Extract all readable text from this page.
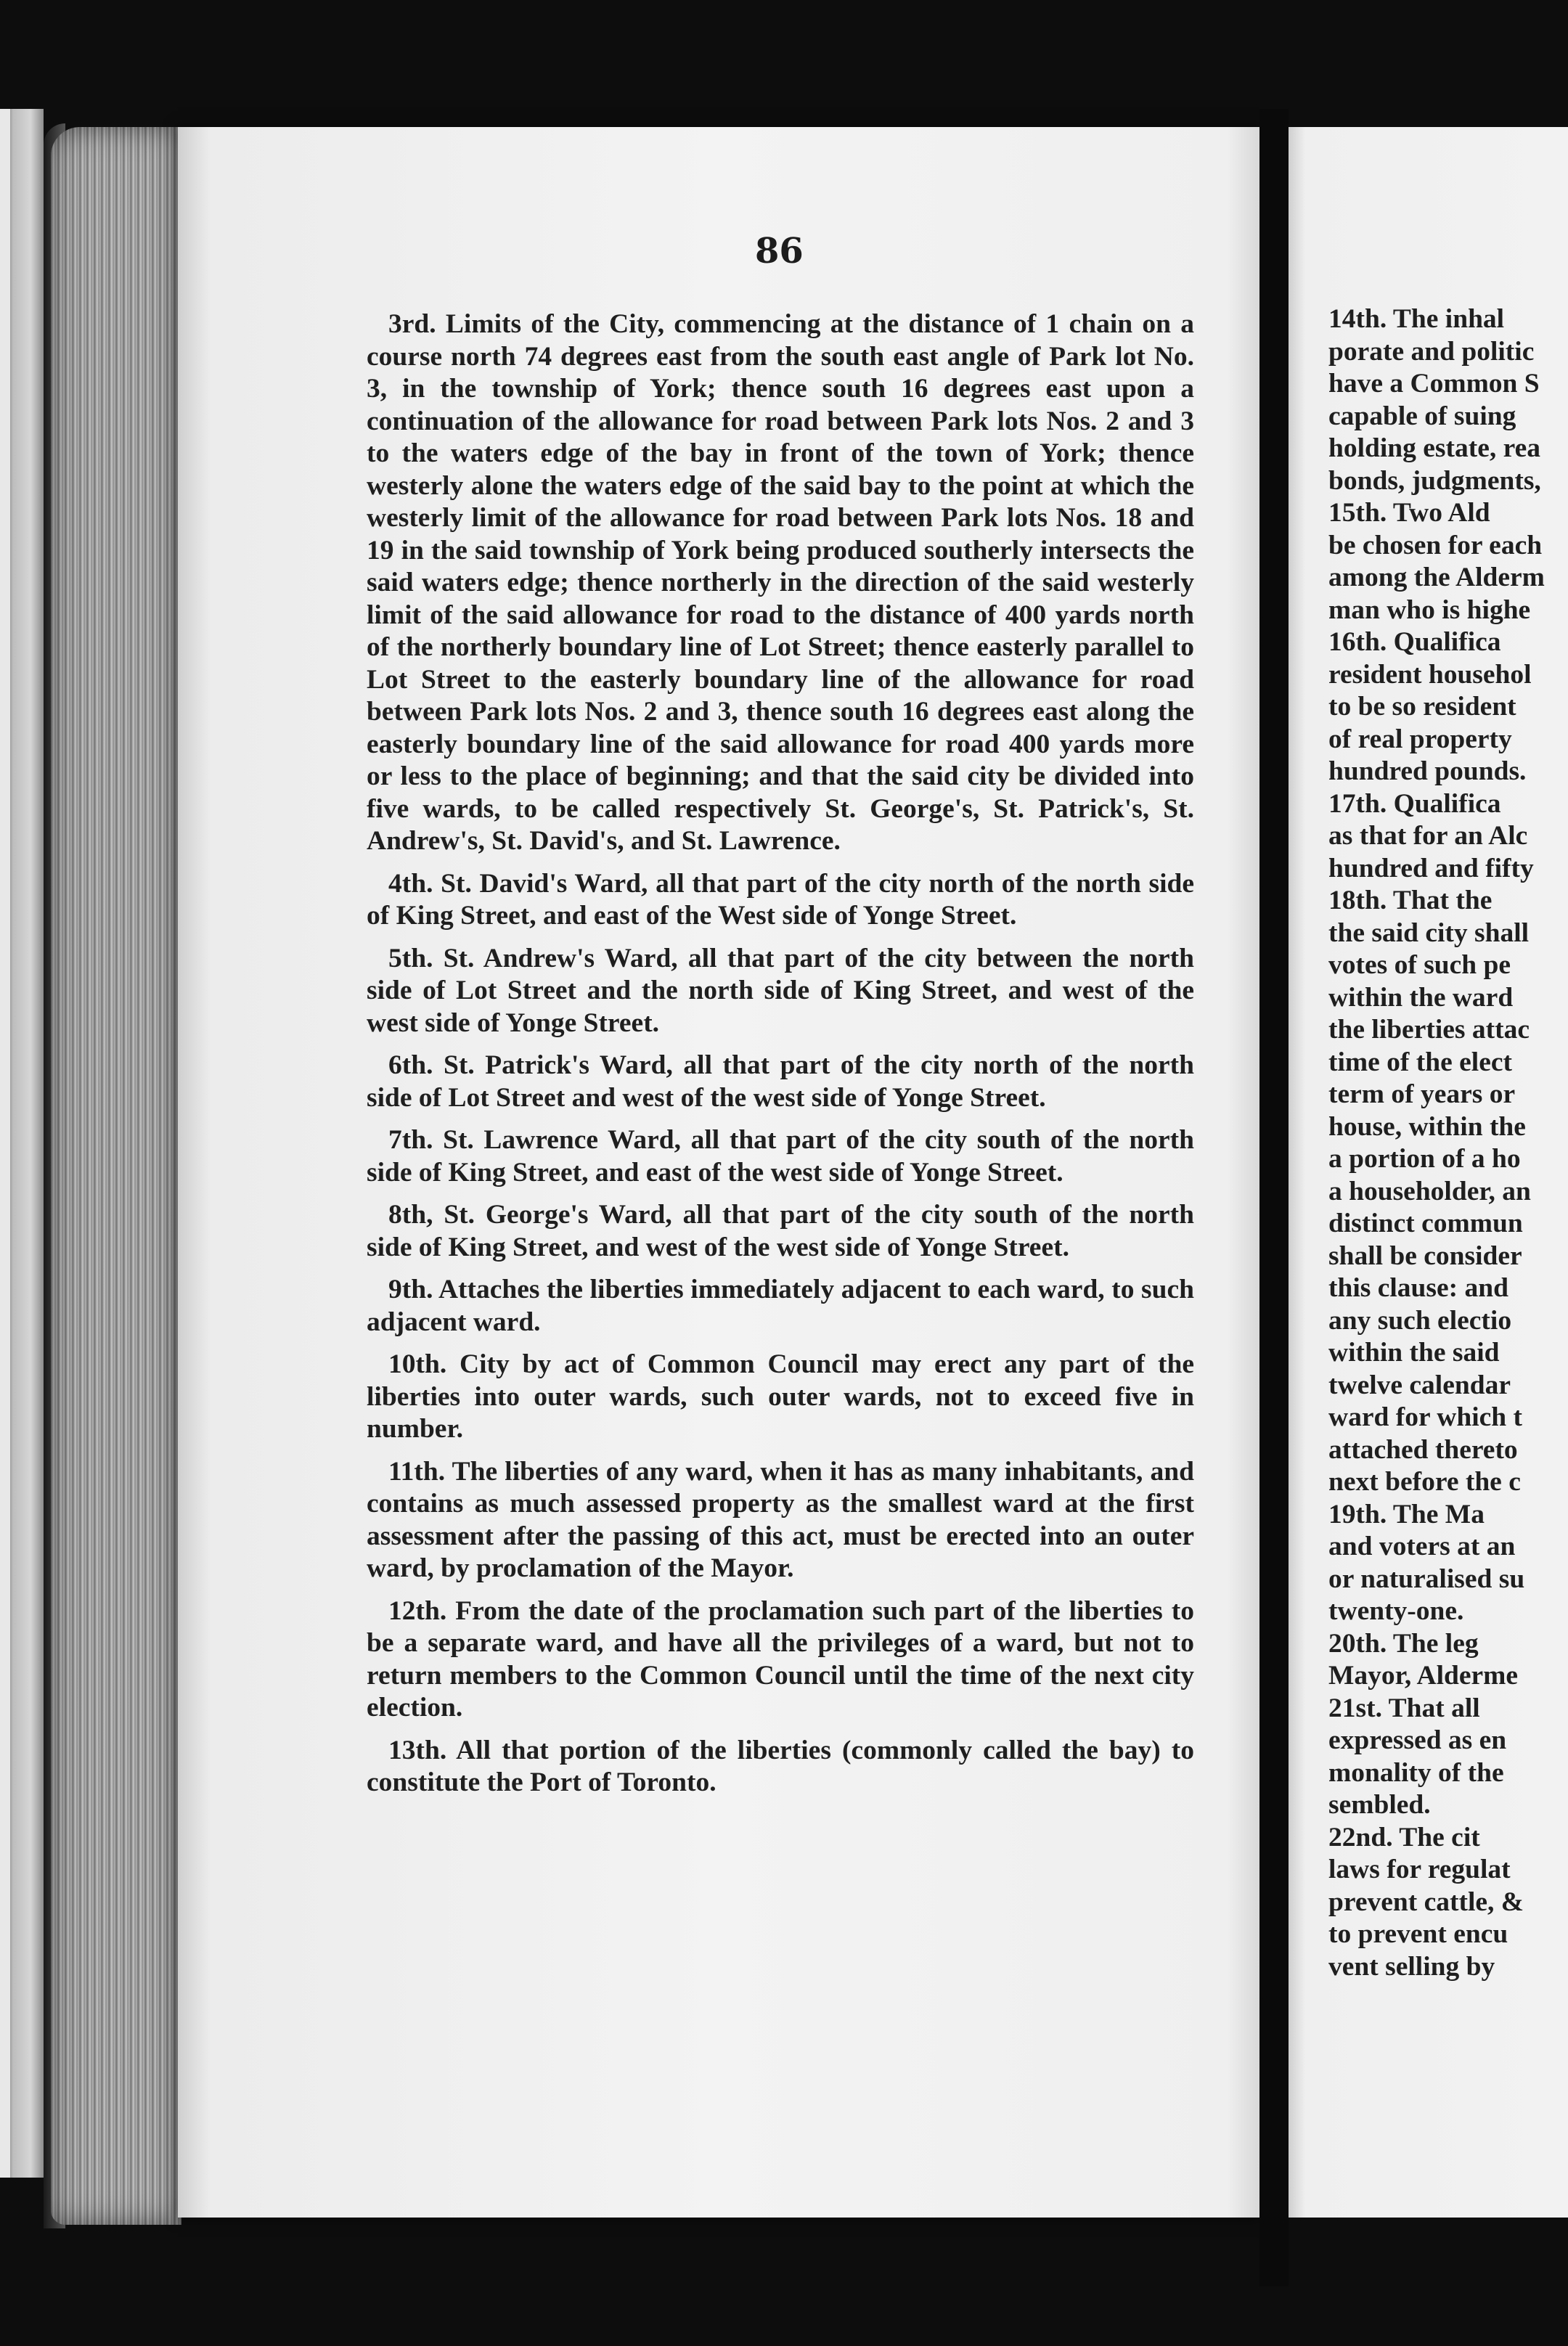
86

3rd. Limits of the City, commencing at the distance of 1 chain on a course north 74 degrees east from the south east angle of Park lot No. 3, in the township of York; thence south 16 degrees east upon a continuation of the allowance for road between Park lots Nos. 2 and 3 to the waters edge of the bay in front of the town of York; thence westerly alone the waters edge of the said bay to the point at which the westerly limit of the allowance for road between Park lots Nos. 18 and 19 in the said township of York being produced southerly intersects the said waters edge; thence northerly in the direction of the said westerly limit of the said allowance for road to the distance of 400 yards north of the northerly boundary line of Lot Street; thence easterly parallel to Lot Street to the easterly boundary line of the allowance for road between Park lots Nos. 2 and 3, thence south 16 degrees east along the easterly boundary line of the said allowance for road 400 yards more or less to the place of beginning; and that the said city be divided into five wards, to be called respectively St. George's, St. Patrick's, St. Andrew's, St. David's, and St. Lawrence.

4th. St. David's Ward, all that part of the city north of the north side of King Street, and east of the West side of Yonge Street.

5th. St. Andrew's Ward, all that part of the city between the north side of Lot Street and the north side of King Street, and west of the west side of Yonge Street.

6th. St. Patrick's Ward, all that part of the city north of the north side of Lot Street and west of the west side of Yonge Street.

7th. St. Lawrence Ward, all that part of the city south of the north side of King Street, and east of the west side of Yonge Street.

8th, St. George's Ward, all that part of the city south of the north side of King Street, and west of the west side of Yonge Street.

9th. Attaches the liberties immediately adjacent to each ward, to such adjacent ward.

10th. City by act of Common Council may erect any part of the liberties into outer wards, such outer wards, not to exceed five in number.

11th. The liberties of any ward, when it has as many inhabitants, and contains as much assessed property as the smallest ward at the first assessment after the passing of this act, must be erected into an outer ward, by proclamation of the Mayor.

12th. From the date of the proclamation such part of the liberties to be a separate ward, and have all the privileges of a ward, but not to return members to the Common Council until the time of the next city election.

13th. All that portion of the liberties (commonly called the bay) to constitute the Port of Toronto.

14th. The inhal
porate and politic
have a Common S
capable of suing
holding estate, rea
bonds, judgments,
15th. Two Ald
be chosen for each
among the Alderm
man who is highe
16th. Qualifica
resident househol
to be so resident
of real property
hundred pounds.
17th. Qualifica
as that for an Alc
hundred and fifty
18th. That the
the said city shall
votes of such pe
within the ward
the liberties attac
time of the elect
term of years or
house, within the
a portion of a ho
a householder, an
distinct commun
shall be consider
this clause: and
any such electio
within the said
twelve calendar
ward for which t
attached thereto
next before the c
19th. The Ma
and voters at an
or naturalised su
twenty-one.
20th. The leg
Mayor, Alderme
21st. That all
expressed as en
monality of the
sembled.
22nd. The cit
laws for regulat
prevent cattle, &
to prevent encu
vent selling by
